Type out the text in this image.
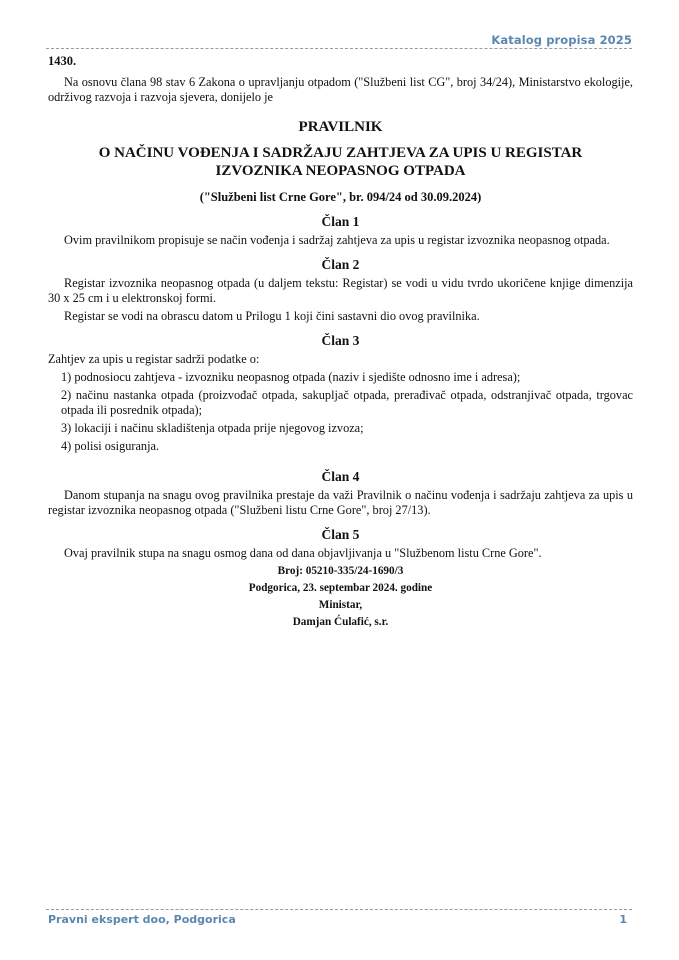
Katalog propisa 2025
1430.

Na osnovu člana 98 stav 6 Zakona o upravljanju otpadom ("Službeni list CG", broj 34/24), Ministarstvo ekologije, održivog razvoja i razvoja sjevera, donijelo je

PRAVILNIK
O NAČINU VOĐENJA I SADRŽAJU ZAHTJEVA ZA UPIS U REGISTAR
IZVOZNIKA NEOPASNOG OTPADA
("Službeni list Crne Gore", br. 094/24 od 30.09.2024)
Član 1

Ovim pravilnikom propisuje se način vođenja i sadržaj zahtjeva za upis u registar izvoznika neopasnog otpada.

Član 2

Registar izvoznika neopasnog otpada (u daljem tekstu: Registar) se vodi u vidu tvrdo ukoričene knjige dimenzija 30 x 25 cm i u elektronskoj formi.

Registar se vodi na obrascu datom u Prilogu 1 koji čini sastavni dio ovog pravilnika.

Član 3

Zahtjev za upis u registar sadrži podatke o:

1) podnosiocu zahtjeva - izvozniku neopasnog otpada (naziv i sjedište odnosno ime i adresa);

2) načinu nastanka otpada (proizvođač otpada, sakupljač otpada, prerađivač otpada, odstranjivač otpada, trgovac otpada ili posrednik otpada);

3) lokaciji i načinu skladištenja otpada prije njegovog izvoza;

4) polisi osiguranja.

Član 4

Danom stupanja na snagu ovog pravilnika prestaje da važi Pravilnik o načinu vođenja i sadržaju zahtjeva za upis u registar izvoznika neopasnog otpada ("Službeni listu Crne Gore", broj 27/13).

Član 5

Ovaj pravilnik stupa na snagu osmog dana od dana objavljivanja u "Službenom listu Crne Gore".

Broj: 05210-335/24-1690/3
Podgorica, 23. septembar 2024. godine
Ministar,
Damjan Ćulafić, s.r.
Pravni ekspert doo, Podgorica	1
